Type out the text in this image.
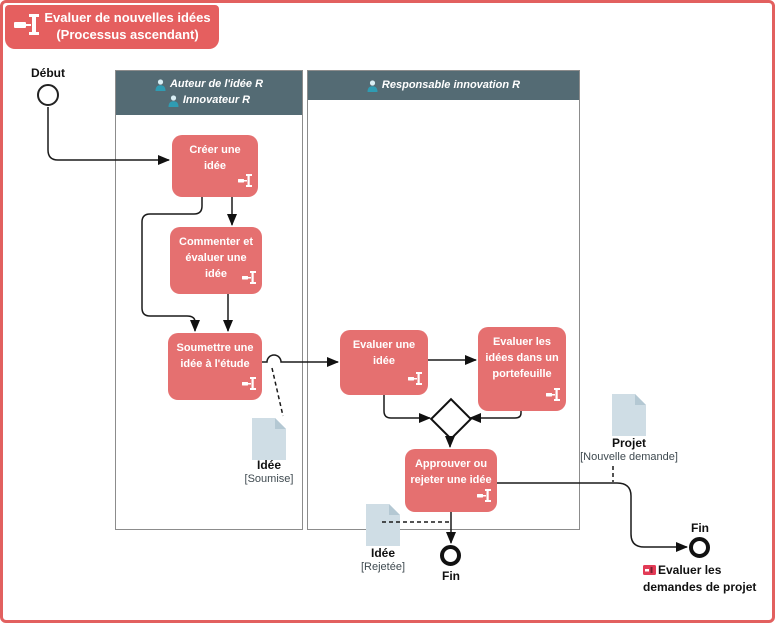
Evaluer de nouvelles idées
(Processus ascendant)
Début
Auteur de l'idée R
Innovateur R
Responsable innovation R
Créer une idée
Commenter et évaluer une idée
Soumettre une idée à l'étude
Evaluer une idée
Evaluer les idées dans un portefeuille
Approuver ou rejeter une idée
Idée
[Soumise]
Idée
[Rejetée]
Projet
[Nouvelle demande]
Fin
Fin
Evaluer les demandes de projet
